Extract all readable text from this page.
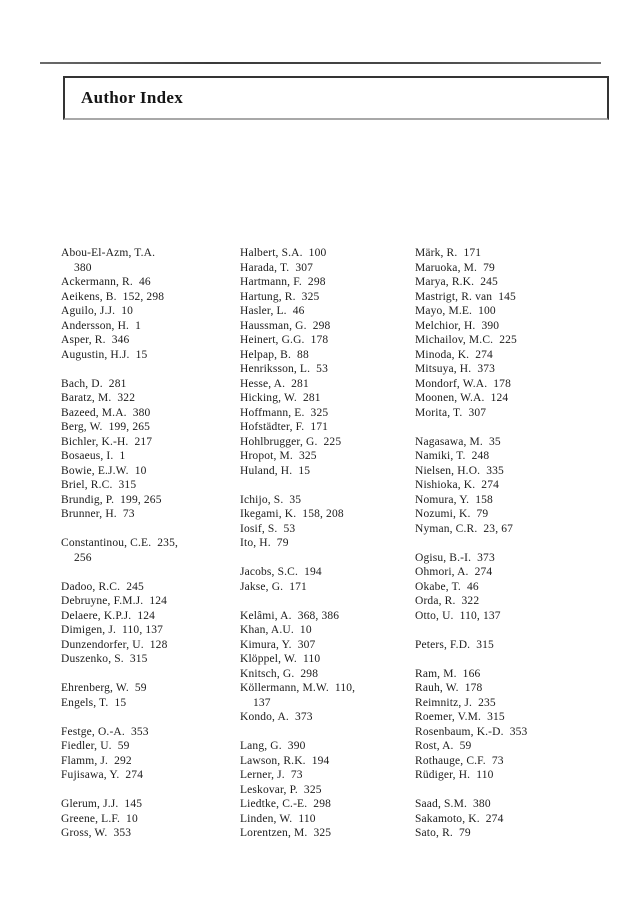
Author Index
Abou-El-Azm, T.A.
380
Ackermann, R.  46
Aeikens, B.  152, 298
Aguilo, J.J.  10
Andersson, H.  1
Asper, R.  346
Augustin, H.J.  15
Bach, D.  281
Baratz, M.  322
Bazeed, M.A.  380
Berg, W.  199, 265
Bichler, K.-H.  217
Bosaeus, I.  1
Bowie, E.J.W.  10
Briel, R.C.  315
Brundig, P.  199, 265
Brunner, H.  73
Constantinou, C.E.  235,
256
Dadoo, R.C.  245
Debruyne, F.M.J.  124
Delaere, K.P.J.  124
Dimigen, J.  110, 137
Dunzendorfer, U.  128
Duszenko, S.  315
Ehrenberg, W.  59
Engels, T.  15
Festge, O.-A.  353
Fiedler, U.  59
Flamm, J.  292
Fujisawa, Y.  274
Glerum, J.J.  145
Greene, L.F.  10
Gross, W.  353
Halbert, S.A.  100
Harada, T.  307
Hartmann, F.  298
Hartung, R.  325
Hasler, L.  46
Haussman, G.  298
Heinert, G.G.  178
Helpap, B.  88
Henriksson, L.  53
Hesse, A.  281
Hicking, W.  281
Hoffmann, E.  325
Hofstädter, F.  171
Hohlbrugger, G.  225
Hropot, M.  325
Huland, H.  15
Ichijo, S.  35
Ikegami, K.  158, 208
Iosif, S.  53
Ito, H.  79
Jacobs, S.C.  194
Jakse, G.  171
Kelâmi, A.  368, 386
Khan, A.U.  10
Kimura, Y.  307
Klöppel, W.  110
Knitsch, G.  298
Köllermann, M.W.  110,
137
Kondo, A.  373
Lang, G.  390
Lawson, R.K.  194
Lerner, J.  73
Leskovar, P.  325
Liedtke, C.-E.  298
Linden, W.  110
Lorentzen, M.  325
Märk, R.  171
Maruoka, M.  79
Marya, R.K.  245
Mastrigt, R. van  145
Mayo, M.E.  100
Melchior, H.  390
Michailov, M.C.  225
Minoda, K.  274
Mitsuya, H.  373
Mondorf, W.A.  178
Moonen, W.A.  124
Morita, T.  307
Nagasawa, M.  35
Namiki, T.  248
Nielsen, H.O.  335
Nishioka, K.  274
Nomura, Y.  158
Nozumi, K.  79
Nyman, C.R.  23, 67
Ogisu, B.-I.  373
Ohmori, A.  274
Okabe, T.  46
Orda, R.  322
Otto, U.  110, 137
Peters, F.D.  315
Ram, M.  166
Rauh, W.  178
Reimnitz, J.  235
Roemer, V.M.  315
Rosenbaum, K.-D.  353
Rost, A.  59
Rothauge, C.F.  73
Rüdiger, H.  110
Saad, S.M.  380
Sakamoto, K.  274
Sato, R.  79
